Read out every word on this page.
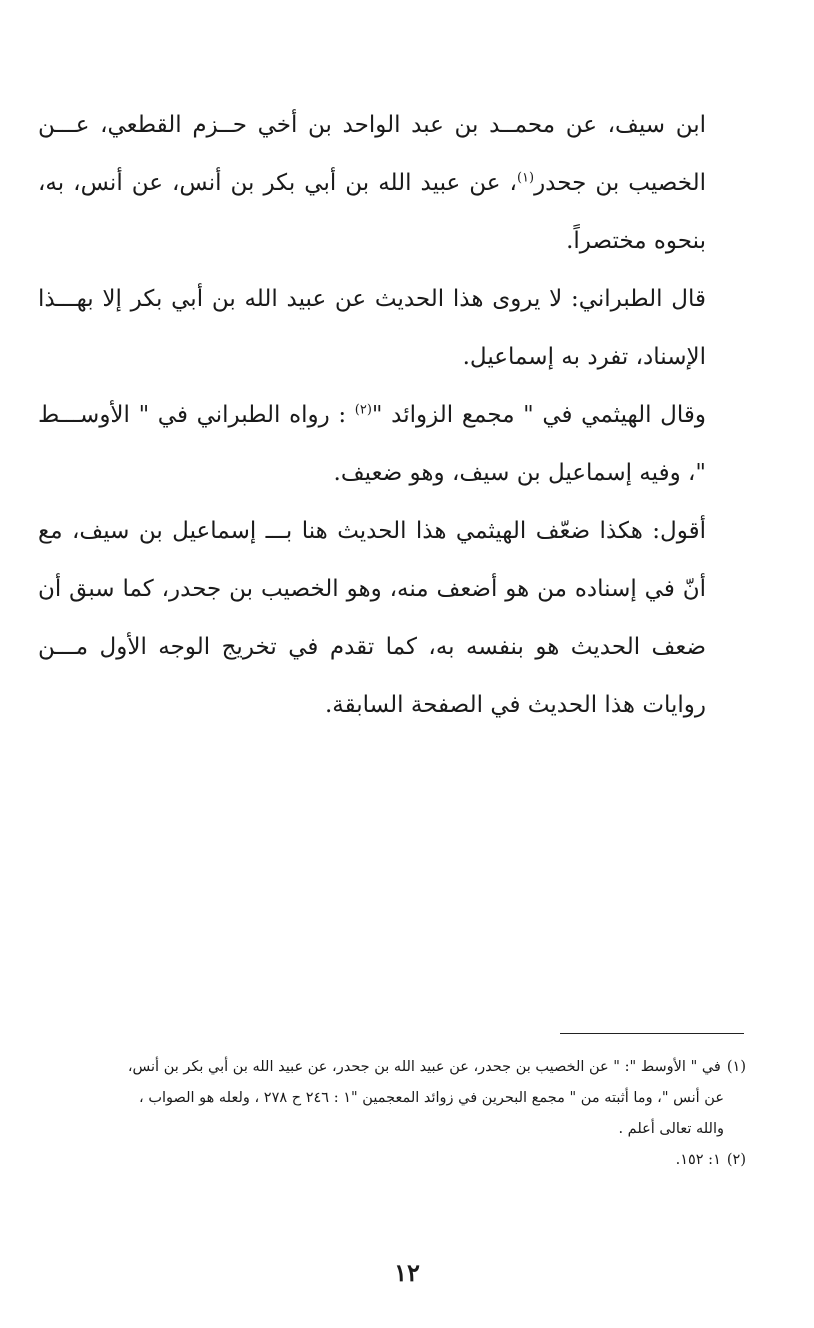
ابن سيف، عن محمــد بن عبد الواحد بن أخي حــزم القطعي، عـــن الخصيب بن جحدر$^{(١)}$، عن عبيد الله بن أبي بكر بن أنس، عن أنس، به، بنحوه مختصراً.

قال الطبراني: لا يروى هذا الحديث عن عبيد الله بن أبي بكر إلا بهـــذا الإسناد، تفرد به إسماعيل.

وقال الهيثمي في " مجمع الزوائد "$^{(٢)}$ : رواه الطبراني في " الأوســـط "، وفيه إسماعيل بن سيف، وهو ضعيف.

أقول: هكذا ضعّف الهيثمي هذا الحديث هنا بـــ إسماعيل بن سيف، مع أنّ في إسناده من هو أضعف منه، وهو الخصيب بن جحدر، كما سبق أن ضعف الحديث هو بنفسه به، كما تقدم في تخريج الوجه الأول مـــن روايات هذا الحديث في الصفحة السابقة.

(١)في " الأوسط ": " عن الخصيب بن جحدر، عن عبيد الله بن جحدر، عن عبيد الله بن أبي بكر بن أنس،

عن أنس "، وما أثبته من " مجمع البحرين في زوائد المعجمين "١ : ٢٤٦ ح ٢٧٨ ، ولعله هو الصواب ،

والله تعالى أعلم .

(٢)١: ١٥٢.

١٢
